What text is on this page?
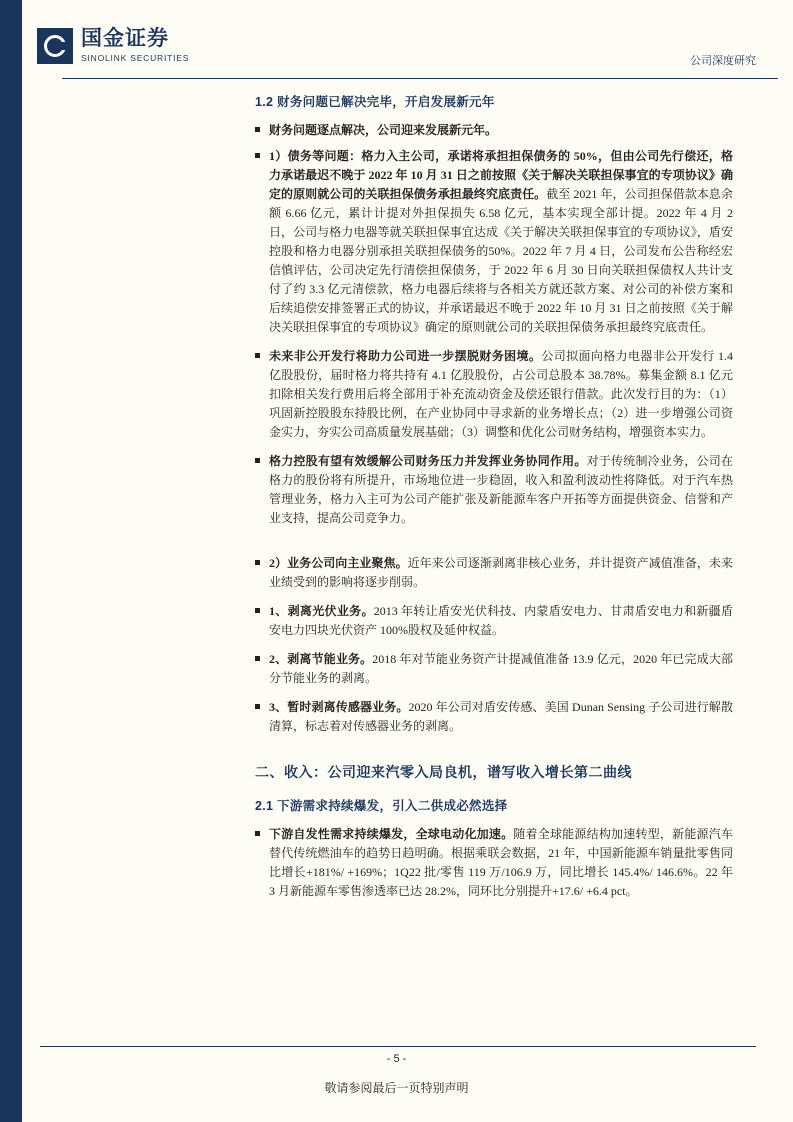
国金证券
SINOLINK SECURITIES	公司深度研究
1.2 财务问题已解决完毕，开启发展新元年
财务问题逐点解决，公司迎来发展新元年。
1）债务等问题：格力入主公司，承诺将承担担保债务的 50%，但由公司先行偿还，格力承诺最迟不晚于 2022 年 10 月 31 日之前按照《关于解决关联担保事宜的专项协议》确定的原则就公司的关联担保债务承担最终究底责任。截至 2021 年，公司担保借款本息余额 6.66 亿元，累计计提对外担保损失 6.58 亿元，基本实现全部计提。2022 年 4 月 2 日，公司与格力电器等就关联担保事宜达成《关于解决关联担保事宜的专项协议》，盾安控股和格力电器分别承担关联担保债务的50%。2022 年 7 月 4 日，公司发布公告称经宏信慎评估，公司决定先行清偿担保债务，于 2022 年 6 月 30 日向关联担保债权人共计支付了约 3.3 亿元清偿款，格力电器后续将与各相关方就还款方案、对公司的补偿方案和后续追偿安排签署正式的协议，并承诺最迟不晚于 2022 年 10 月 31 日之前按照《关于解决关联担保事宜的专项协议》确定的原则就公司的关联担保债务承担最终究底责任。
未来非公开发行将助力公司进一步摆脱财务困境。公司拟面向格力电器非公开发行 1.4 亿股股份，届时格力将共持有 4.1 亿股股份，占公司总股本 38.78%。募集金额 8.1 亿元扣除相关发行费用后将全部用于补充流动资金及偿还银行借款。此次发行目的为：（1）巩固新控股股东持股比例，在产业协同中寻求新的业务增长点；（2）进一步增强公司资金实力，夯实公司高质量发展基础；（3）调整和优化公司财务结构，增强资本实力。
格力控股有望有效缓解公司财务压力并发挥业务协同作用。对于传统制冷业务，公司在格力的股份将有所提升，市场地位进一步稳固，收入和盈利波动性将降低。对于汽车热管理业务，格力入主可为公司产能扩张及新能源车客户开拓等方面提供资金、信誉和产业支持，提高公司竞争力。
2）业务公司向主业聚焦。近年来公司逐渐剥离非核心业务，并计提资产减值准备，未来业绩受到的影响将逐步削弱。
1、剥离光伏业务。2013 年转让盾安光伏科技、内蒙盾安电力、甘肃盾安电力和新疆盾安电力四块光伏资产 100%股权及延仲权益。
2、剥离节能业务。2018 年对节能业务资产计提减值准备 13.9 亿元，2020 年已完成大部分节能业务的剥离。
3、暂时剥离传感器业务。2020 年公司对盾安传感、美国 Dunan Sensing 子公司进行解散清算，标志着对传感器业务的剥离。
二、收入：公司迎来汽零入局良机，谱写收入增长第二曲线
2.1 下游需求持续爆发，引入二供成必然选择
下游自发性需求持续爆发，全球电动化加速。随着全球能源结构加速转型，新能源汽车替代传统燃油车的趋势日趋明确。根据乘联会数据，21 年，中国新能源车销量批零售同比增长+181%/ +169%；1Q22 批/零售 119 万/106.9 万，同比增长 145.4%/ 146.6%。22 年 3 月新能源车零售渗透率已达 28.2%，同环比分别提升+17.6/ +6.4 pct。
- 5 -
敬请参阅最后一页特别声明
